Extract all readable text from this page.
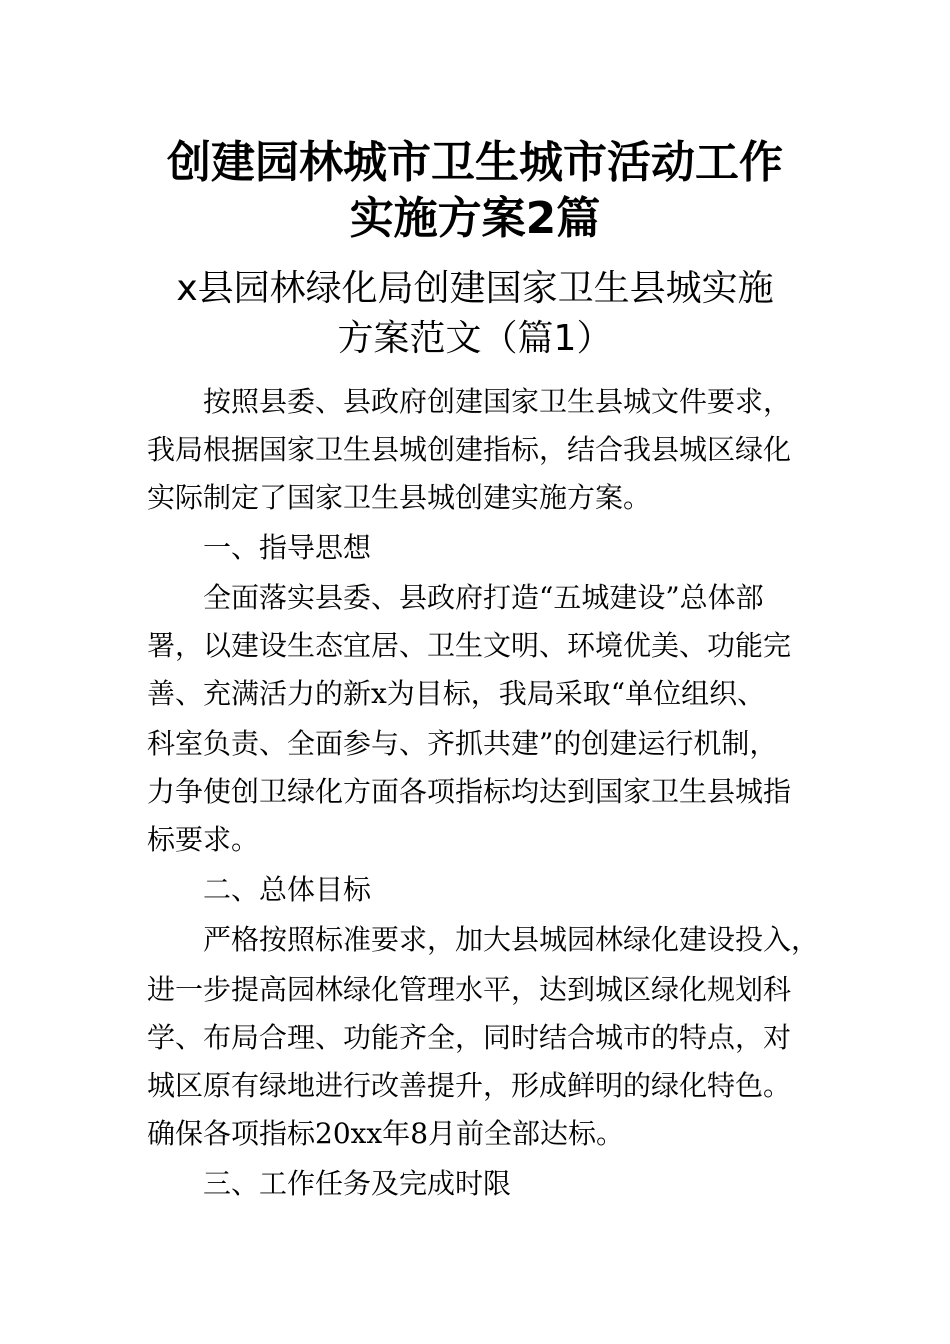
创建园林城市卫生城市活动工作
实施方案2篇
x县园林绿化局创建国家卫生县城实施
方案范文（篇1）

　　按照县委、县政府创建国家卫生县城文件要求，

我局根据国家卫生县城创建指标，结合我县城区绿化

实际制定了国家卫生县城创建实施方案。

一、指导思想

　　全面落实县委、县政府打造“五城建设”总体部

署，以建设生态宜居、卫生文明、环境优美、功能完

善、充满活力的新x为目标，我局采取“单位组织、

科室负责、全面参与、齐抓共建”的创建运行机制，

力争使创卫绿化方面各项指标均达到国家卫生县城指

标要求。

二、总体目标

　　严格按照标准要求，加大县城园林绿化建设投入，

进一步提高园林绿化管理水平，达到城区绿化规划科

学、布局合理、功能齐全，同时结合城市的特点，对

城区原有绿地进行改善提升，形成鲜明的绿化特色。

确保各项指标20xx年8月前全部达标。

三、工作任务及完成时限
